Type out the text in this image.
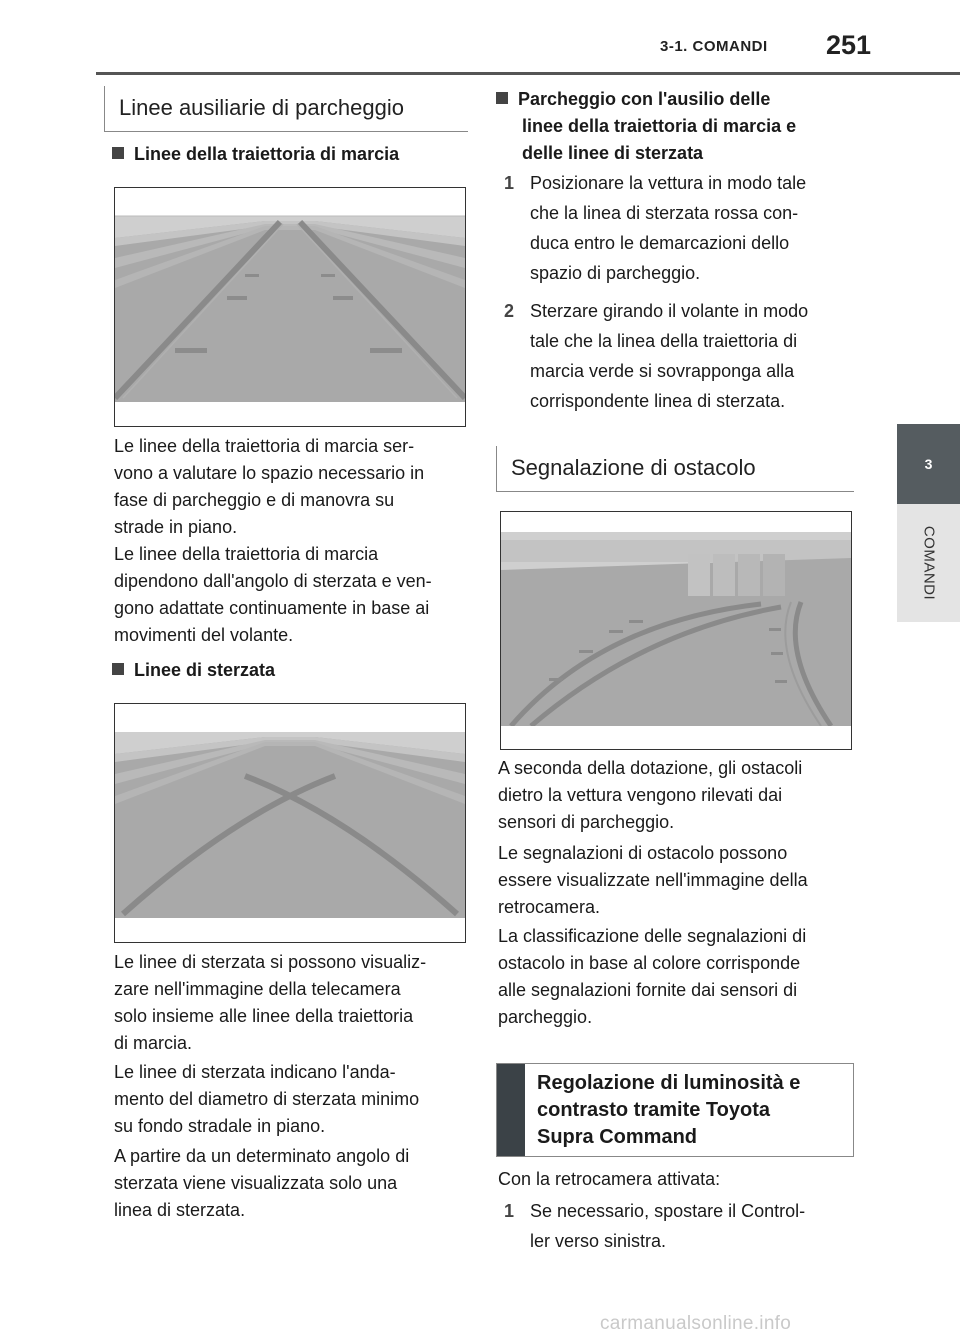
3-1. COMANDI 251
3
COMANDI
Linee ausiliarie di parcheggio
Linee della traiettoria di marcia
Le linee della traiettoria di marcia ser-
vono a valutare lo spazio necessario in
fase di parcheggio e di manovra su
strade in piano.
Le linee della traiettoria di marcia
dipendono dall'angolo di sterzata e ven-
gono adattate continuamente in base ai
movimenti del volante.
Linee di sterzata
Le linee di sterzata si possono visualiz-
zare nell'immagine della telecamera
solo insieme alle linee della traiettoria
di marcia.
Le linee di sterzata indicano l'anda-
mento del diametro di sterzata minimo
su fondo stradale in piano.
A partire da un determinato angolo di
sterzata viene visualizzata solo una
linea di sterzata.
Parcheggio con l'ausilio delle
linee della traiettoria di marcia e
delle linee di sterzata
1 Posizionare la vettura in modo tale
che la linea di sterzata rossa con-
duca entro le demarcazioni dello
spazio di parcheggio.
2 Sterzare girando il volante in modo
tale che la linea della traiettoria di
marcia verde si sovrapponga alla
corrispondente linea di sterzata.
Segnalazione di ostacolo
A seconda della dotazione, gli ostacoli
dietro la vettura vengono rilevati dai
sensori di parcheggio.
Le segnalazioni di ostacolo possono
essere visualizzate nell'immagine della
retrocamera.
La classificazione delle segnalazioni di
ostacolo in base al colore corrisponde
alle segnalazioni fornite dai sensori di
parcheggio.
Regolazione di luminosità e
contrasto tramite Toyota
Supra Command
Con la retrocamera attivata:
1 Se necessario, spostare il Control-
ler verso sinistra.
carmanualsonline.info
